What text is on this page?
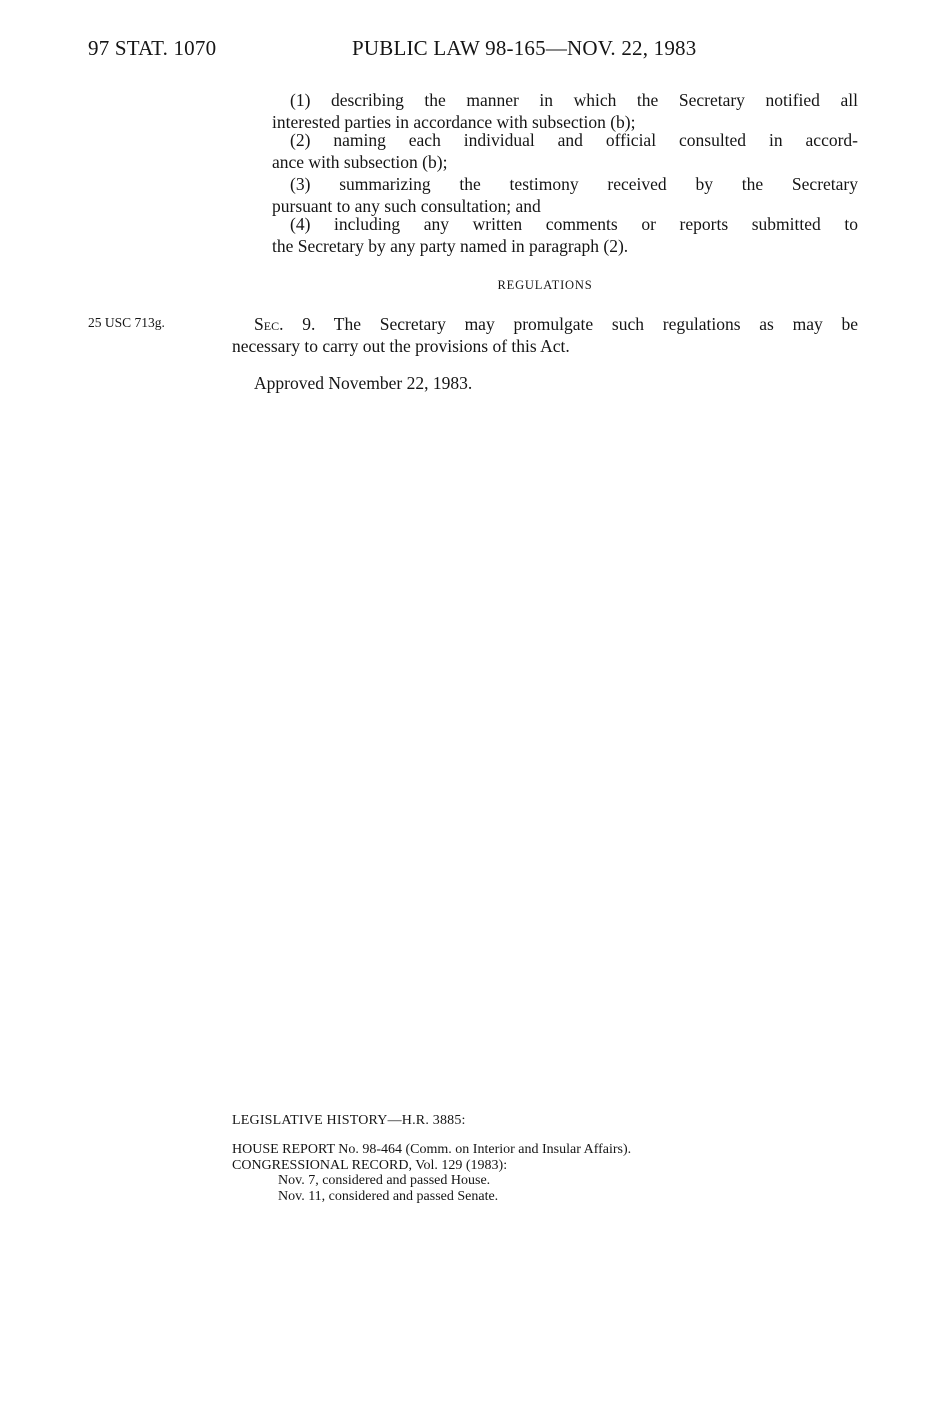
97 STAT. 1070	PUBLIC LAW 98-165—NOV. 22, 1983
(1) describing the manner in which the Secretary notified all
interested parties in accordance with subsection (b);
(2) naming each individual and official consulted in accord-
ance with subsection (b);
(3) summarizing the testimony received by the Secretary
pursuant to any such consultation; and
(4) including any written comments or reports submitted to
the Secretary by any party named in paragraph (2).
REGULATIONS
25 USC 713g.	Sec. 9. The Secretary may promulgate such regulations as may be
necessary to carry out the provisions of this Act.
Approved November 22, 1983.
LEGISLATIVE HISTORY—H.R. 3885:
HOUSE REPORT No. 98-464 (Comm. on Interior and Insular Affairs).
CONGRESSIONAL RECORD, Vol. 129 (1983):
Nov. 7, considered and passed House.
Nov. 11, considered and passed Senate.
